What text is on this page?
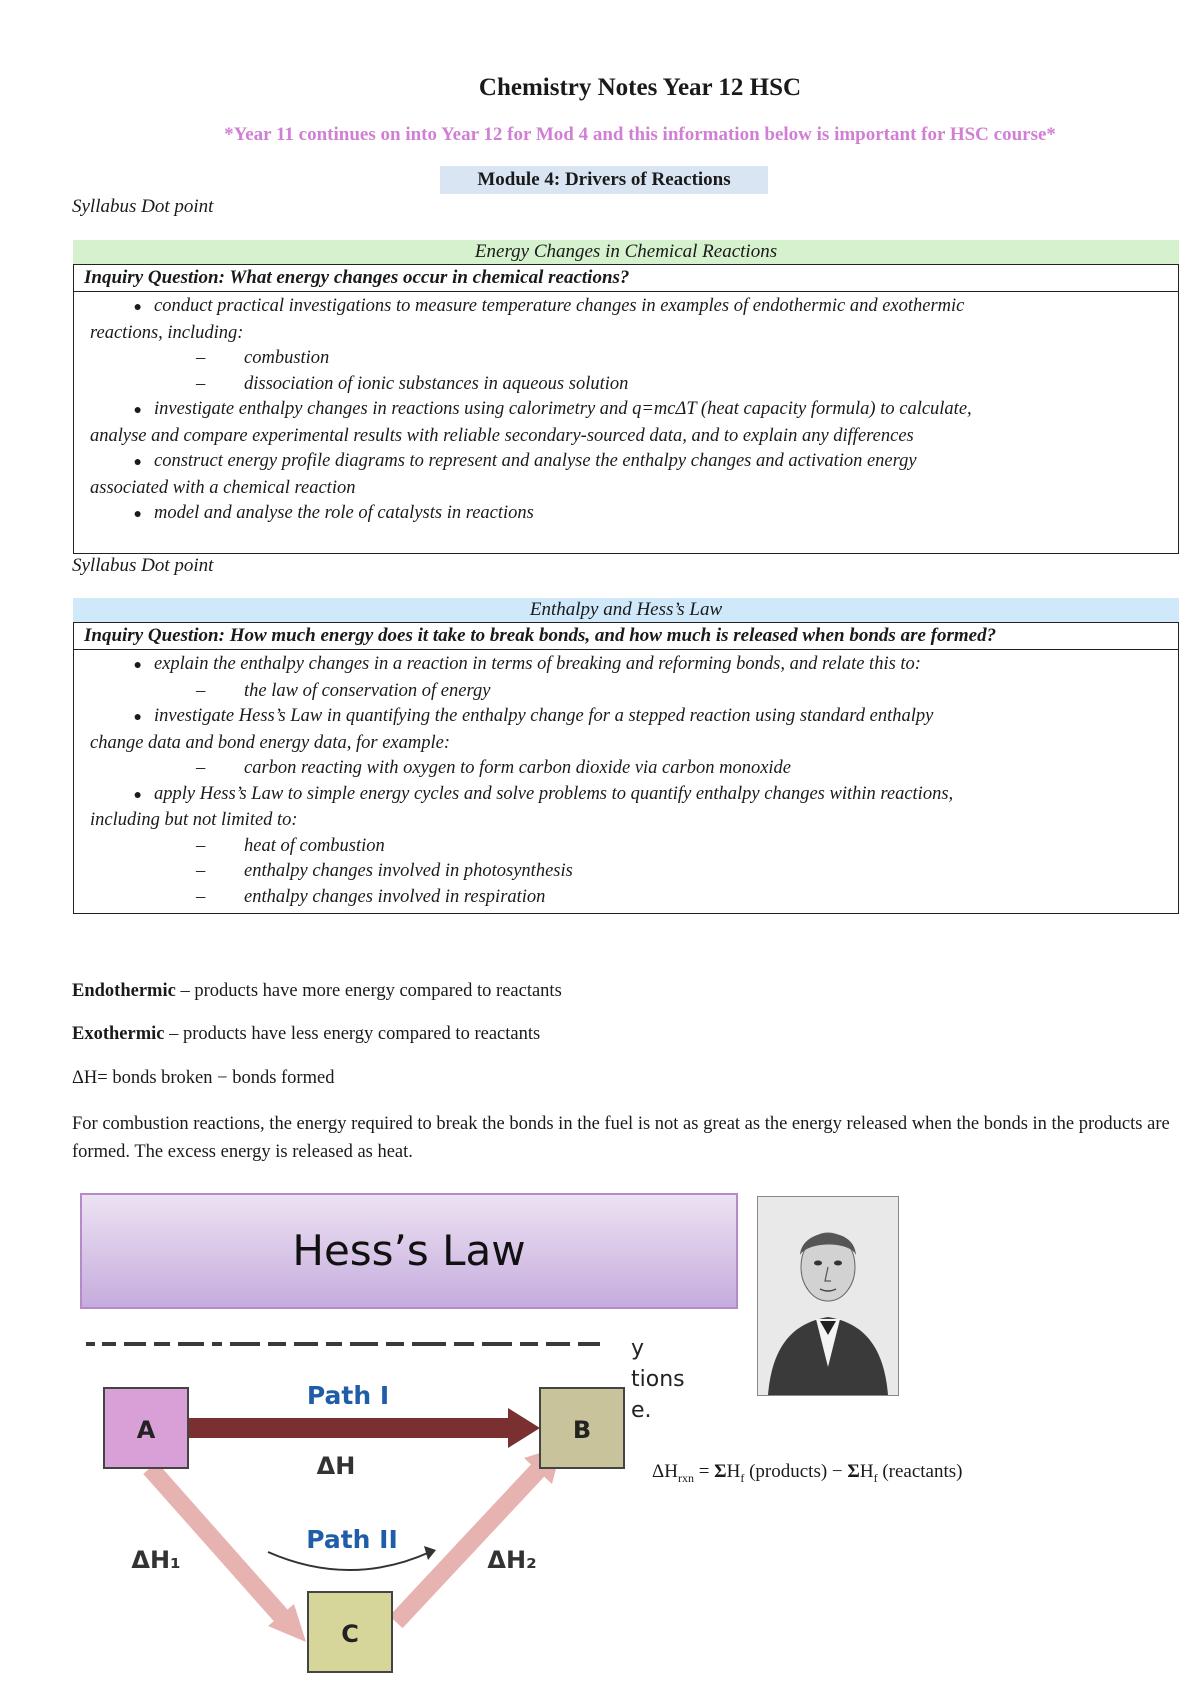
Chemistry Notes Year 12 HSC
*Year 11 continues on into Year 12 for Mod 4 and this information below is important for HSC course*
Module 4: Drivers of Reactions
Syllabus Dot point
Energy Changes in Chemical Reactions
Inquiry Question: What energy changes occur in chemical reactions?
● conduct practical investigations to measure temperature changes in examples of endothermic and exothermic
reactions, including:
– combustion
– dissociation of ionic substances in aqueous solution
● investigate enthalpy changes in reactions using calorimetry and q=mcΔT (heat capacity formula) to calculate,
analyse and compare experimental results with reliable secondary-sourced data, and to explain any differences
● construct energy profile diagrams to represent and analyse the enthalpy changes and activation energy
associated with a chemical reaction
● model and analyse the role of catalysts in reactions
Syllabus Dot point
Enthalpy and Hess’s Law
Inquiry Question: How much energy does it take to break bonds, and how much is released when bonds are formed?
● explain the enthalpy changes in a reaction in terms of breaking and reforming bonds, and relate this to:
– the law of conservation of energy
● investigate Hess’s Law in quantifying the enthalpy change for a stepped reaction using standard enthalpy
change data and bond energy data, for example:
– carbon reacting with oxygen to form carbon dioxide via carbon monoxide
● apply Hess’s Law to simple energy cycles and solve problems to quantify enthalpy changes within reactions,
including but not limited to:
– heat of combustion
– enthalpy changes involved in photosynthesis
– enthalpy changes involved in respiration
Endothermic – products have more energy compared to reactants
Exothermic – products have less energy compared to reactants
ΔH= bonds broken − bonds formed
For combustion reactions, the energy required to break the bonds in the fuel is not as great as the energy released when the bonds in the products are formed. The excess energy is released as heat.
Hess’s Law
y
tions
e.
A	B
C
Path I
ΔH
Path II
ΔH₁	ΔH₂
$\Delta H_{rxn} = \Sigma H_f$ (products) − $\Sigma H_f$ (reactants)
